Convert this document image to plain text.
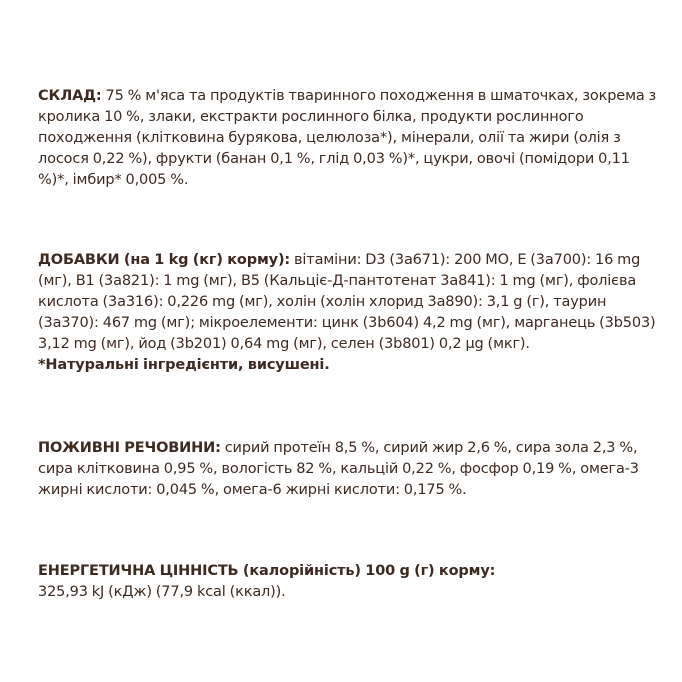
СКЛАД: 75 % м'яса та продуктів тваринного походження в шматочках, зокрема з кролика 10 %, злаки, екстракти рослинного білка, продукти рослинного походження (клітковина бурякова, целюлоза*), мінерали, олії та жири (олія з лосося 0,22 %), фрукти (банан 0,1 %, глід 0,03 %)*, цукри, овочі (помідори 0,11 %)*, імбир* 0,005 %.
ДОБАВКИ (на 1 kg (кг) корму): вітаміни: D3 (3a671): 200 МО, Е (3a700): 16 mg (мг), B1 (3a821): 1 mg (мг), B5 (Кальціє-Д-пантотенат 3a841): 1 mg (мг), фолієва кислота (3a316): 0,226 mg (мг), холін (холін хлорид 3a890): 3,1 g (г), таурин (3a370): 467 mg (мг); мікроелементи: цинк (3b604) 4,2 mg (мг), марганець (3b503) 3,12 mg (мг), йод (3b201) 0,64 mg (мг), селен (3b801) 0,2 µg (мкг).
*Натуральні інгредієнти, висушені.
ПОЖИВНІ РЕЧОВИНИ: сирий протеїн 8,5 %, сирий жир 2,6 %, сира зола 2,3 %, сира клітковина 0,95 %, вологість 82 %, кальцій 0,22 %, фосфор 0,19 %, омега-3 жирні кислоти: 0,045 %, омега-6 жирні кислоти: 0,175 %.
ЕНЕРГЕТИЧНА ЦІННІСТЬ (калорійність) 100 g (г) корму:
325,93 kJ (кДж) (77,9 kcal (ккал)).
